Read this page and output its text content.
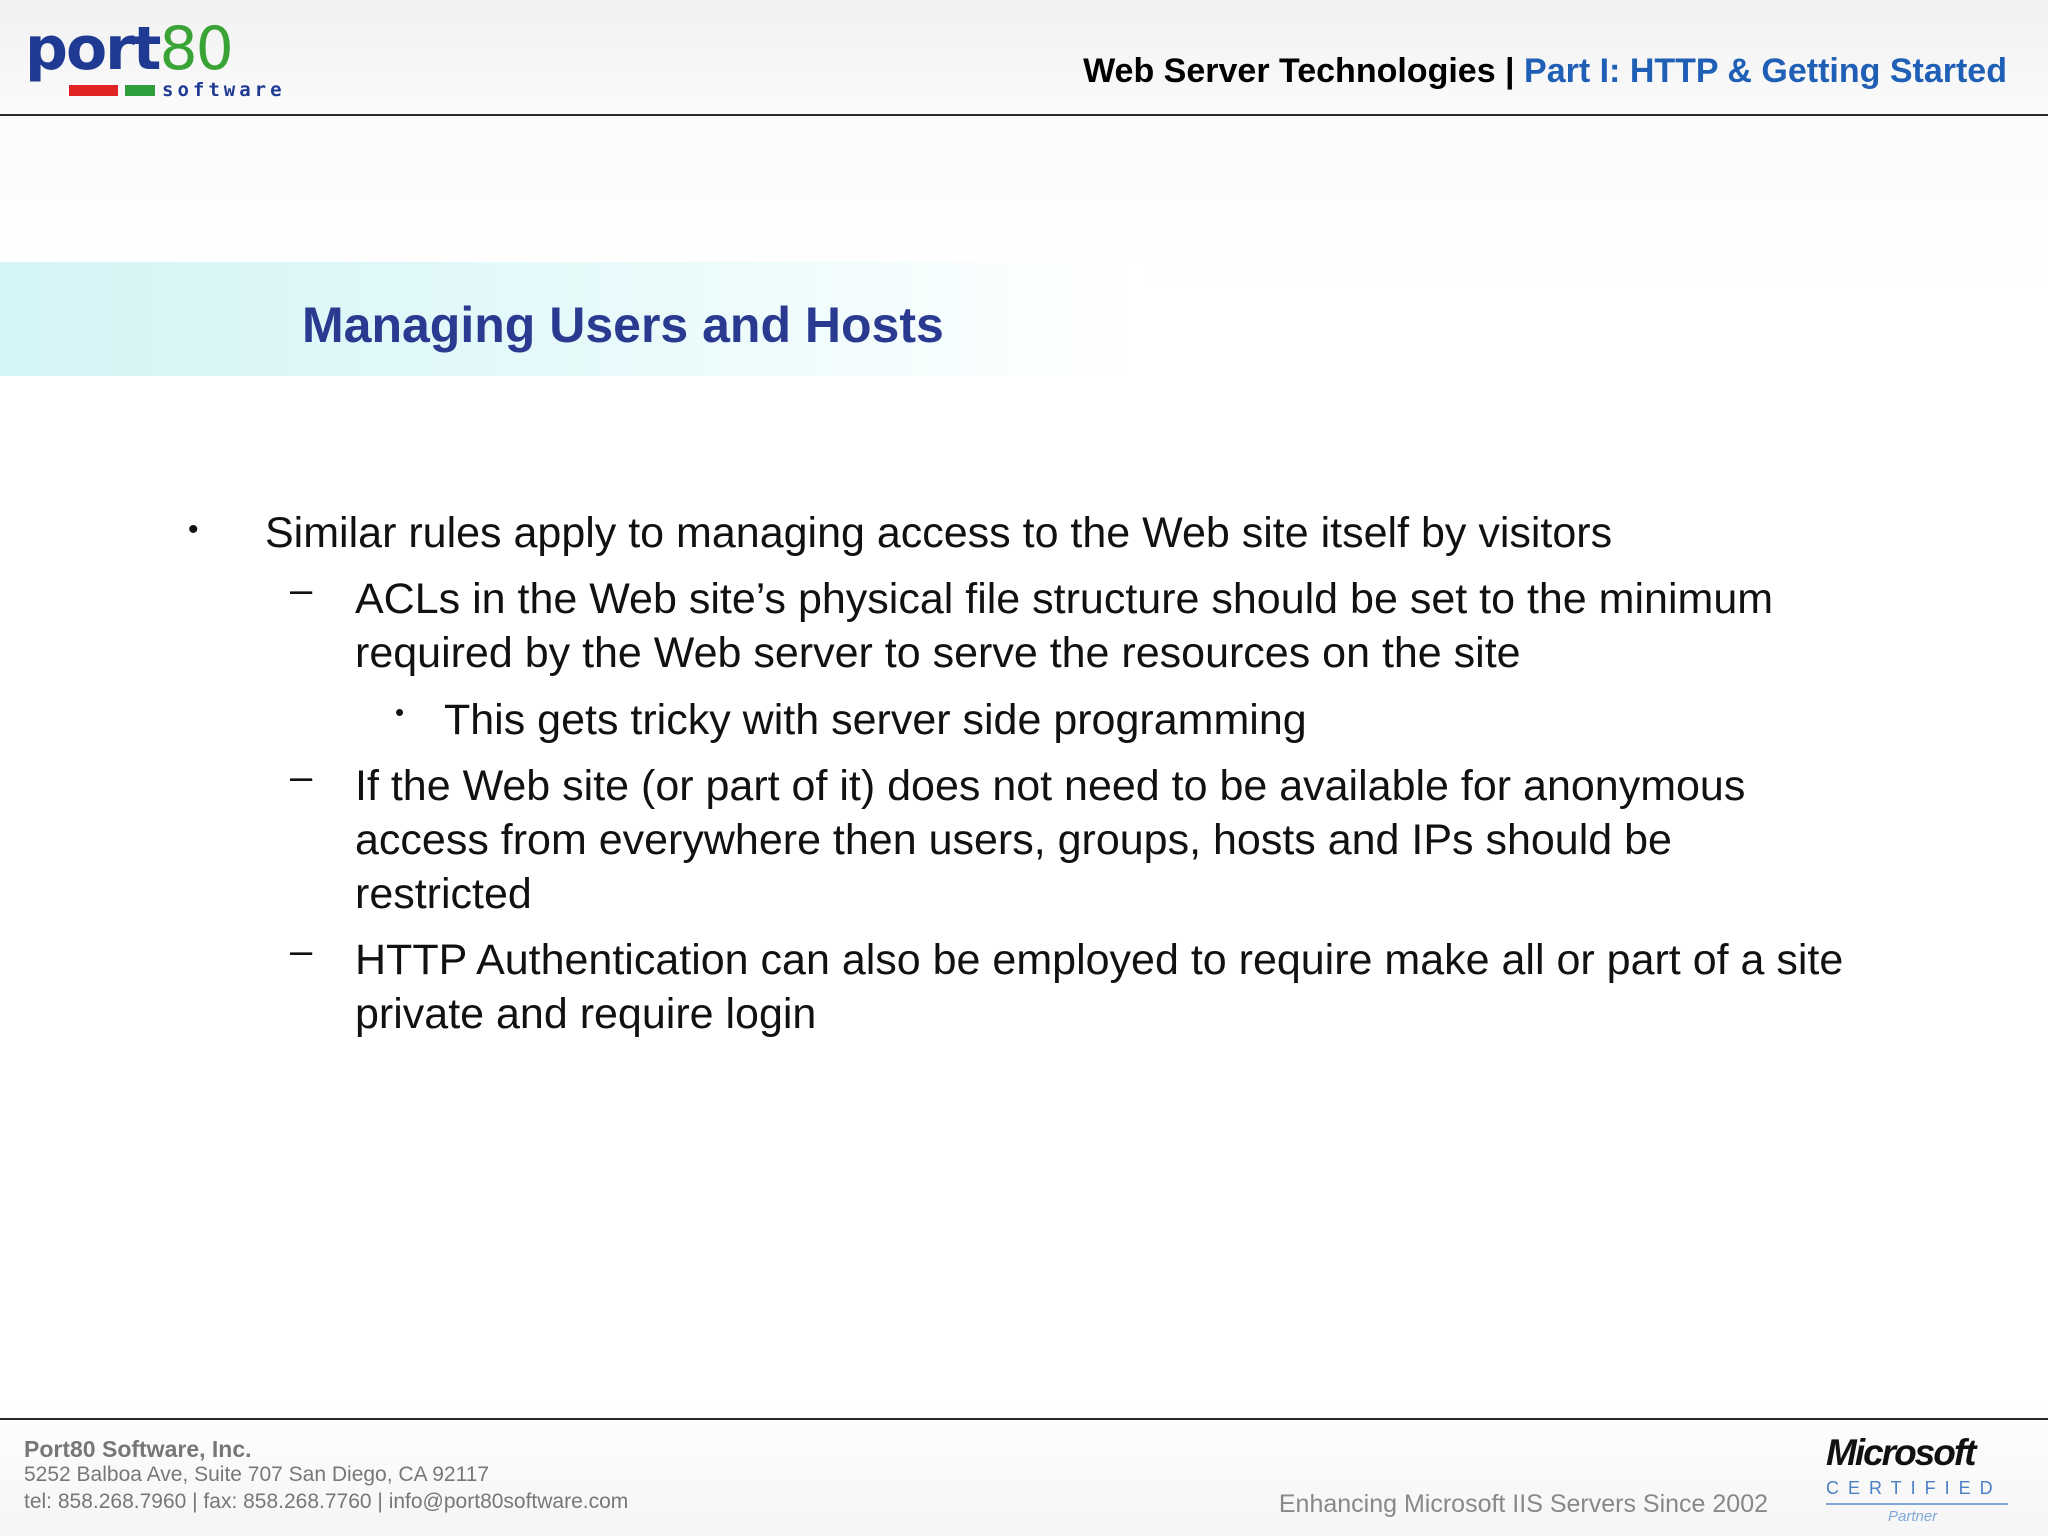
port80
software	Web Server Technologies | Part I: HTTP & Getting Started
Managing Users and Hosts
• Similar rules apply to managing access to the Web site itself by visitors
– ACLs in the Web site’s physical file structure should be set to the minimum
required by the Web server to serve the resources on the site
• This gets tricky with server side programming
– If the Web site (or part of it) does not need to be available for anonymous
access from everywhere then users, groups, hosts and IPs should be
restricted
– HTTP Authentication can also be employed to require make all or part of a site
private and require login
Port80 Software, Inc.
5252 Balboa Ave, Suite 707 San Diego, CA 92117
tel: 858.268.7960 | fax: 858.268.7760 | info@port80software.com	Enhancing Microsoft IIS Servers Since 2002
Microsoft
CERTIFIED
Partner
